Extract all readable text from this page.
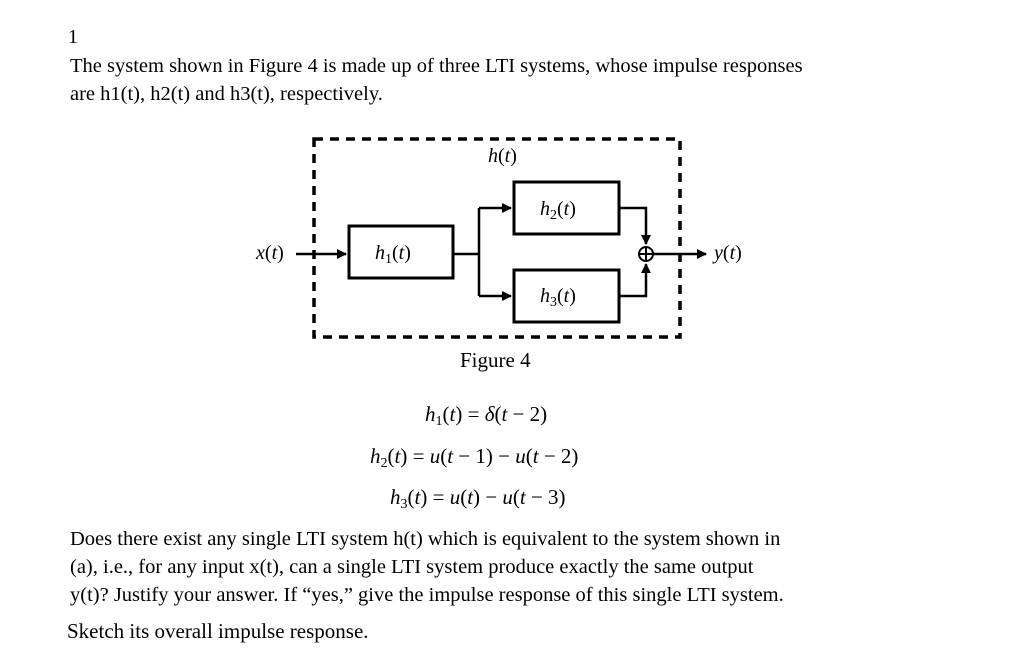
1
The system shown in Figure 4 is made up of three LTI systems, whose impulse responses
are h1(t), h2(t) and h3(t), respectively.
h(t)
x(t)	$h_1(t)$
$h_2(t)$
$h_3(t)$
y(t)
Figure 4
$h_1(t) = \delta(t - 2)$
$h_2(t) = u(t - 1) - u(t - 2)$
$h_3(t) = u(t) - u(t - 3)$
Does there exist any single LTI system h(t) which is equivalent to the system shown in
(a), i.e., for any input x(t), can a single LTI system produce exactly the same output
y(t)? Justify your answer. If “yes,” give the impulse response of this single LTI system.
Sketch its overall impulse response.
